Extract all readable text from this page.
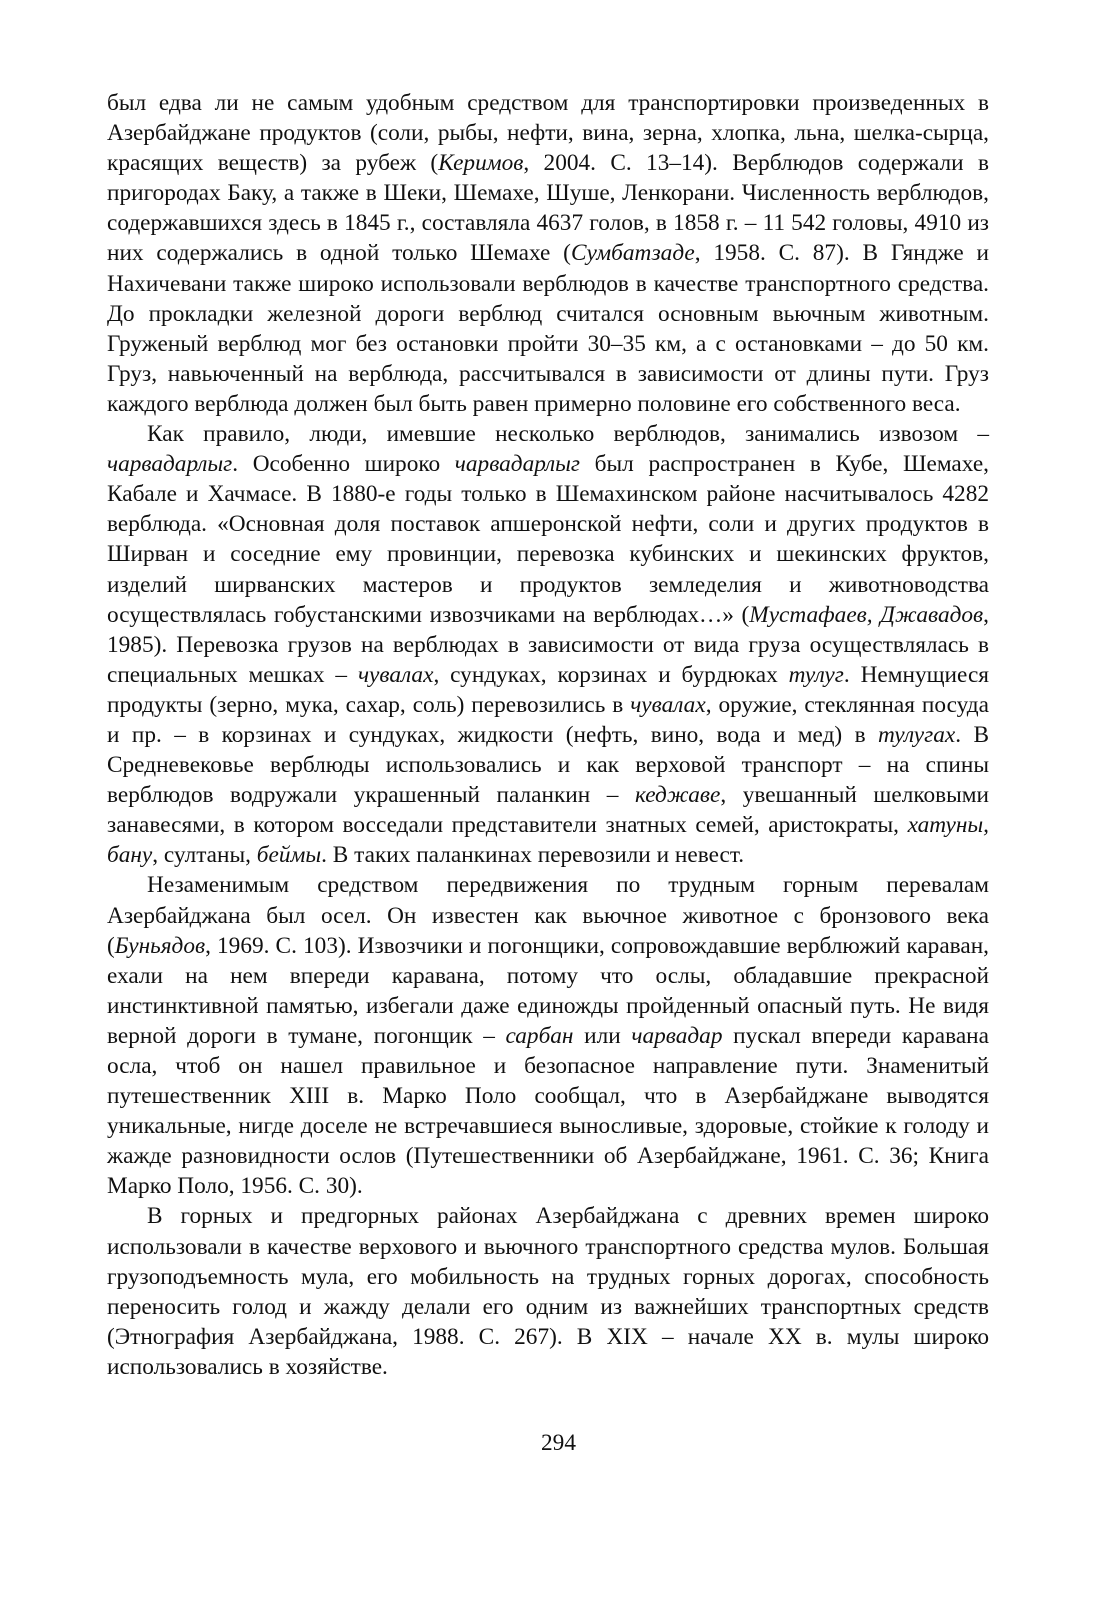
был едва ли не самым удобным средством для транспортировки произведенных в Азербайджане продуктов (соли, рыбы, нефти, вина, зерна, хлопка, льна, шелка-сырца, красящих веществ) за рубеж (Керимов, 2004. С. 13–14). Верблюдов содержали в пригородах Баку, а также в Шеки, Шемахе, Шуше, Ленкорани. Численность верблюдов, содержавшихся здесь в 1845 г., составляла 4637 голов, в 1858 г. – 11 542 головы, 4910 из них содержались в одной только Шемахе (Сумбатзаде, 1958. С. 87). В Гяндже и Нахичевани также широко использовали верблюдов в качестве транспортного средства. До прокладки железной дороги верблюд считался основным вьючным животным. Груженый верблюд мог без остановки пройти 30–35 км, а с остановками – до 50 км. Груз, навьюченный на верблюда, рассчитывался в зависимости от длины пути. Груз каждого верблюда должен был быть равен примерно половине его собственного веса.

Как правило, люди, имевшие несколько верблюдов, занимались извозом – чарвадарлыг. Особенно широко чарвадарлыг был распространен в Кубе, Шемахе, Кабале и Хачмасе. В 1880-е годы только в Шемахинском районе насчитывалось 4282 верблюда. «Основная доля поставок апшеронской нефти, соли и других продуктов в Ширван и соседние ему провинции, перевозка кубинских и шекинских фруктов, изделий ширванских мастеров и продуктов земледелия и животноводства осуществлялась гобустанскими извозчиками на верблюдах…» (Мустафаев, Джавадов, 1985). Перевозка грузов на верблюдах в зависимости от вида груза осуществлялась в специальных мешках – чувалах, сундуках, корзинах и бурдюках тулуг. Немнущиеся продукты (зерно, мука, сахар, соль) перевозились в чувалах, оружие, стеклянная посуда и пр. – в корзинах и сундуках, жидкости (нефть, вино, вода и мед) в тулугах. В Средневековье верблюды использовались и как верховой транспорт – на спины верблюдов водружали украшенный паланкин – кеджаве, увешанный шелковыми занавесями, в котором восседали представители знатных семей, аристократы, хатуны, бану, султаны, беймы. В таких паланкинах перевозили и невест.

Незаменимым средством передвижения по трудным горным перевалам Азербайджана был осел. Он известен как вьючное животное с бронзового века (Буньядов, 1969. С. 103). Извозчики и погонщики, сопровождавшие верблюжий караван, ехали на нем впереди каравана, потому что ослы, обладавшие прекрасной инстинктивной памятью, избегали даже единожды пройденный опасный путь. Не видя верной дороги в тумане, погонщик – сарбан или чарвадар пускал впереди каравана осла, чтоб он нашел правильное и безопасное направление пути. Знаменитый путешественник XIII в. Марко Поло сообщал, что в Азербайджане выводятся уникальные, нигде доселе не встречавшиеся выносливые, здоровые, стойкие к голоду и жажде разновидности ослов (Путешественники об Азербайджане, 1961. С. 36; Книга Марко Поло, 1956. С. 30).

В горных и предгорных районах Азербайджана с древних времен широко использовали в качестве верхового и вьючного транспортного средства мулов. Большая грузоподъемность мула, его мобильность на трудных горных дорогах, способность переносить голод и жажду делали его одним из важнейших транспортных средств (Этнография Азербайджана, 1988. С. 267). В XIX – начале XX в. мулы широко использовались в хозяйстве.

294
